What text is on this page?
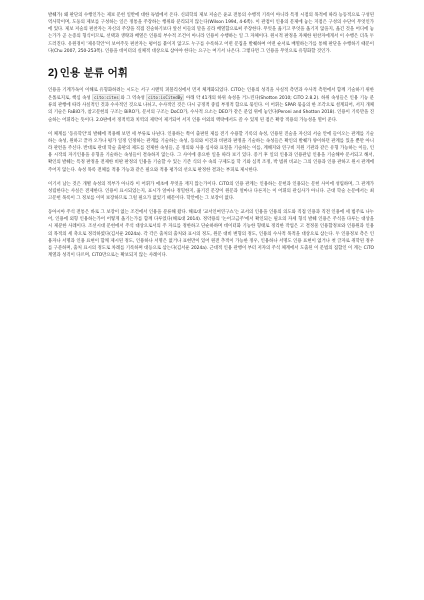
발췌가) 왜 판단의 수행인가는 제보 문헌 일반에 대한 독법에서 온다. 신뢰학의 제보 저술은 윤교 전통의 수행적 기록이 아니라 특정 시점의 목적에 따라 능동적으로 구성된 역사학이며, 도둥의 제보를 구성하는 일은 정통을 주장하는 행위와 분리되지 않는다(Wilson 1994, 4-6쪽). 이 관점이 인용의 문제에 놓는 지점은 구성의 수단이 무엇인가에 있다. 제보 저술의 편찬자는 자신의 주장을 직접 진술하기보다 앞선 이들의 말을 골라 배열함으로써 주장한다. 무엇을 옮기고 무엇을 옮기지 않을지, 옮긴 것을 어디에 놓는가가 곧 논증의 형식이므로, 선택과 생략과 배열은 인용의 부수적 조건이 아니라 인용이 수행하는 일 그 자체이다. 원시적 판정을 자체한 편찬자에게서 이 수행은 더욱 두드러진다. 유원경이 '제유학안'이 보여주듯 편찬자는 평어를 붙이지 않고도 누구를 수록하고 어떤 문집을 발췌하여 어떤 순서로 배열하는가를 통해 판단을 수행하기 때문이다(Chu 2007, 250-253쪽). 인용을 데이터의 실체적 대상으로 삼아야 한다는 요구는 여기서 나온다. 그렇다면 그 인용을 무엇으로 유형화할 것인가.

2) 인용 분류 어휘

인용을 기계가독이 이해로 유형화하려는 시도는 서구 시맨틱 퍼블리싱에서 먼저 체계화되었다. CiTO는 인용의 성격을 사실적 측면과 수사적 측면에서 함께 기술하기 위한 온톨로지로, 핵심 속성 cito:cites 와 그 역속성 cito:isCitedBy 아래 약 41개의 하위 속성을 거느린다(Shotton 2010; CiTO 2.8.2). 하위 속성들은 인용 기능 분류의 관행에 따라 사실적인 것과 수사적인 것으로 나뉘고, 수사적인 것은 다시 긍정적 중립 부정적 함으로 묶인다. 이 어휘는 SPAR 묶음의 한 조각으로 설계되어, 서지 개체의 기술은 FaBiO가, 참고문헌의 구조는 BiRO가, 문서의 구조는 DoCO가, 수사적 요소는 DEO가 같은 분업 위에 놓인다(Peroni and Shotton 2018). 인용이 기록만을 진술하는 어휘라는 뜻이다. 2.0판에서 정적역과 치역의 제약이 제거되어 서지 인용 이외의 맥락에서도 쓸 수 있게 된 점은 확장 적용의 가능성을 열어 준다.

이 체계를 '동유학안'의 발췌에 적용해 보면 세 부류로 나뉜다. 인용하는 쪽이 출판된 제를 전기 수용할 기록의 속성, 인용된 진술을 자신의 서술 안에 들이오는 관계를 기술하는 속성, 원하고 끝까 오가나 평가 일정 인정하는 관계를 기술하는 속성, 동의와 이견과 비판과 판정을 기술하는 속성들은 확인의 발췌가 양이하던 관계를 있을 뿐만 아니라 관련을 주신다. 반대로 관대 학술 출판의 제도를 전제한 속성들, 곧 정의와 사용 심사와 표절을 기술하는 이를, 계해지와 연구비 지원 기관과 같은 유형 가능하는 이들, 인용 시작의 자기인용을 유형을 기술하는 속성들이 결속하지 않는다. 그 사이에 중요한 일을 따라 보기 있다. 증거 후 일의 인용과 인용관념 인용을 기술해야 문서되고 해서, 확인의 발췌는 특정 판정을 전제한 비판 판정의 인용을 기술할 수 있는 기존 식의 수 속의 구제도를 학 기와 심적 조정, 박 범위 비교는 그의 인용과 인용 관하고 원시 관계에 주어지 않는다. 속성 목록 전체를 적용 가능과 같은 필요와 적용 평가의 선으로 판정한 결과는 부피로 제시한다.

이기서 남는 것은 개별 속성의 적부가 아니라 이 어휘가 애초에 무엇을 재지 않는가이다. CiTO의 인용 관계는 인용하는 문헌과 인용되는 문헌 사이에 성립하며, 그 관계가 성립한다는 사실은 전제한다. 인용이 표시되었는지, 표시가 얼마나 정밀한지, 옮기진 문장이 원문과 얼마나 다른지는 이 어휘의 관심사가 아니다. 근대 학술 논문에서는 최고문헌 목록이 그 정보를 이미 보장하므로 그럴 필요가 없었기 때문이다. 학안에는 그 보장이 없다.

동아시아 주석 전통은 바로 그 보장이 없는 조건에서 인용을 분류해 왔다. 해로대 '교서인여연구쇼'는 교서의 인용을 인용의 의도와 직접 인용과 직전 인용에 세 범주로 나누어, 인용에 외형 인용하는가어 어떻게 옮기는가를 함께 다루었다(해로대 2014). 정약용의 '논어고금주'에서 확인되는 필요의 자세 형식 발췌 인용은 주석을 다루는 대상을 시 제분한 사례이다. 조선시대 문헌에서 주석 대상으로서의 주 자료를 정한하고 단순하하며 데이터화 기능한 형태로 정리한 작업은 고 결정물 인용합정보와 인용원과 인용의 목적의 세 축으로 정리하였다(김서운 2024a). 각 각은 출처의 출처와 표시의 정도, 원문 대비 변형의 정도, 인용의 수사적 목적을 대상으로 삼는다. 두 인용정보 측은 인용자나 서명과 인용 표현이 함께 제시된 정도, 인용하나 서명은 없거나 표현만이 있어 원전 추적이 가능한 정우, 인용하나 서명도 인용 표현이 없거나 첫 글자로 취학된 정우를 구분하며, 출처 표시의 정도로 차례를 기록하며 대등으로 삼는다(김서운 2024a). 근대적 인용 관행이 부터 저자의 주석 체계에서 도출된 이 문법의 집합인 이 계는 CiTO 계열과 성격이 다르며, CiTO만으로는 확보되지 않는 사례이다.
